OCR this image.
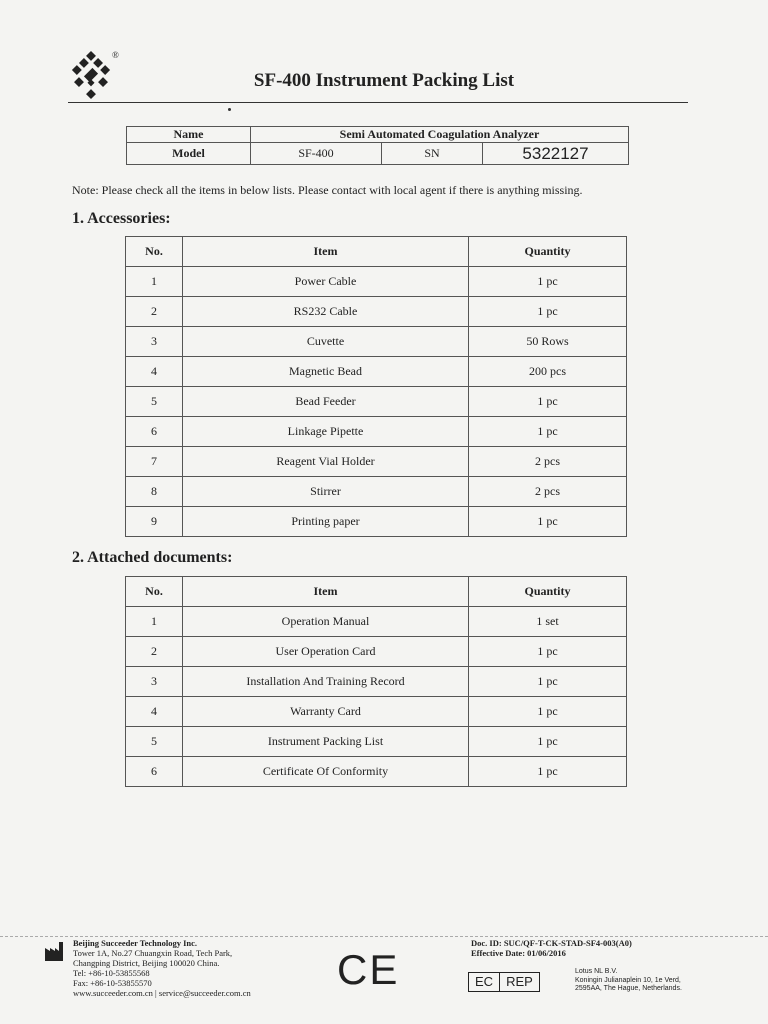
®
SF-400 Instrument Packing List
Name	Semi Automated Coagulation Analyzer		
Model	SF-400	SN	5322127
Note: Please check all the items in below lists. Please contact with local agent if there is anything missing.
1. Accessories:
No.	Item	Quantity
1	Power Cable	1 pc
2	RS232 Cable	1 pc
3	Cuvette	50 Rows
4	Magnetic Bead	200 pcs
5	Bead Feeder	1 pc
6	Linkage Pipette	1 pc
7	Reagent Vial Holder	2 pcs
8	Stirrer	2 pcs
9	Printing paper	1 pc
2. Attached documents:
No.	Item	Quantity
1	Operation Manual	1 set
2	User Operation Card	1 pc
3	Installation And Training Record	1 pc
4	Warranty Card	1 pc
5	Instrument Packing List	1 pc
6	Certificate Of Conformity	1 pc
Beijing Succeeder Technology Inc.
Tower 1A, No.27 Chuangxin Road, Tech Park,
Changping District, Beijing 100020 China.
Tel: +86-10-53855568
Fax: +86-10-53855570
www.succeeder.com.cn | service@succeeder.com.cn CE
Doc. ID: SUC/QF-T-CK-STAD-SF4-003(A0)
Effective Date: 01/06/2016
EC	REP
Lotus NL B.V.
Koningin Julianaplein 10, 1e Verd,
2595AA, The Hague, Netherlands.
